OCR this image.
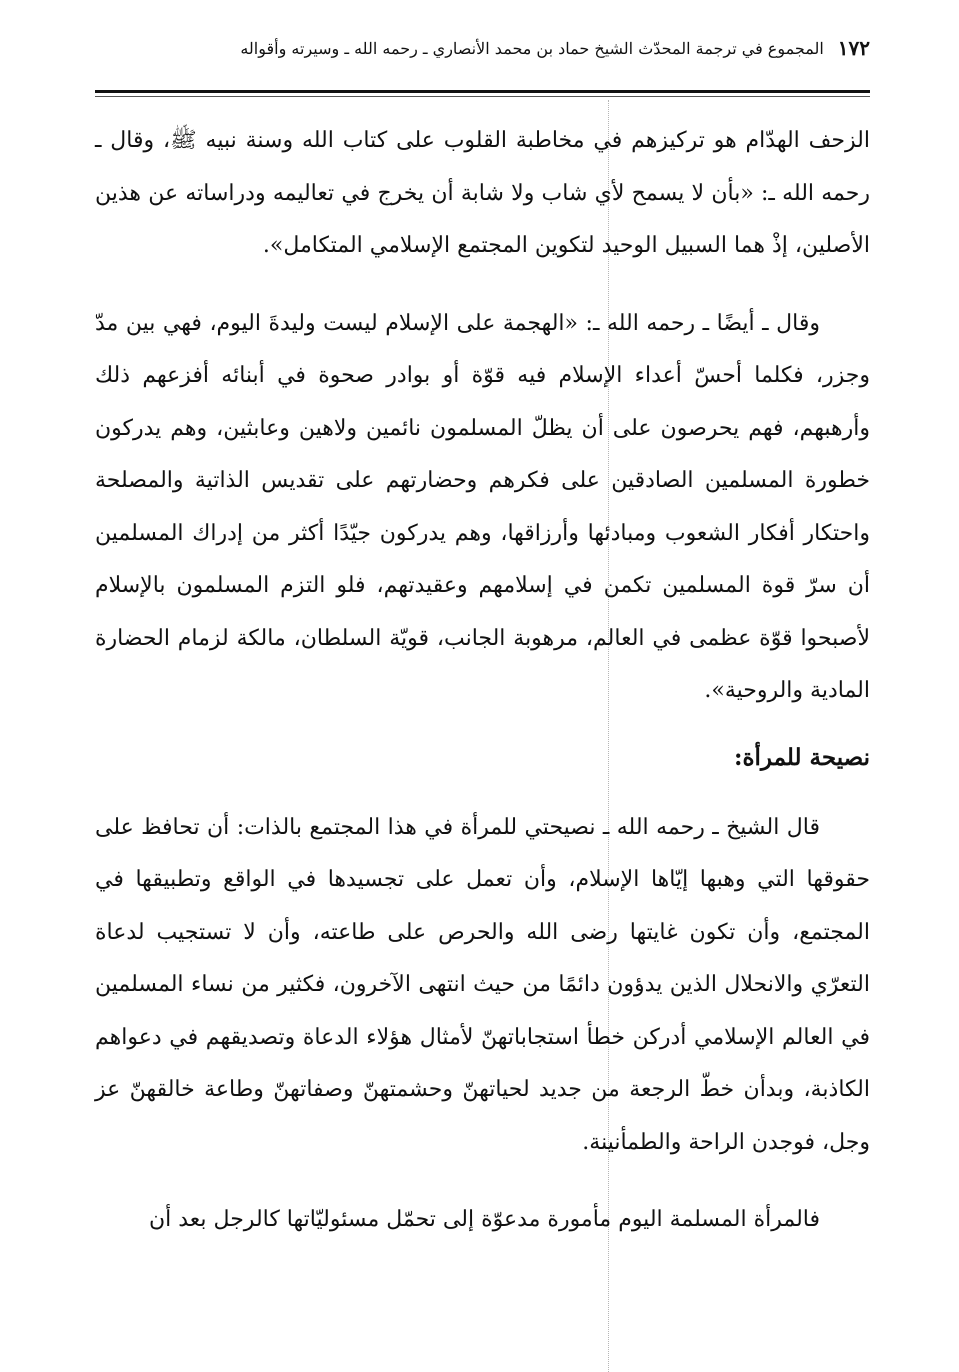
١٧٢
المجموع في ترجمة المحدّث الشيخ حماد بن محمد الأنصاري ـ رحمه الله ـ وسيرته وأقواله

الزحف الهدّام هو تركيزهم في مخاطبة القلوب على كتاب الله وسنة نبيه ﷺ، وقال ـ رحمه الله ـ: «بأن لا يسمح لأي شاب ولا شابة أن يخرج في تعاليمه ودراساته عن هذين الأصلين، إذْ هما السبيل الوحيد لتكوين المجتمع الإسلامي المتكامل».

وقال ـ أيضًا ـ رحمه الله ـ: «الهجمة على الإسلام ليست وليدةَ اليوم، فهي بين مدّ وجزر، فكلما أحسّ أعداء الإسلام فيه قوّة أو بوادر صحوة في أبنائه أفزعهم ذلك وأرهبهم، فهم يحرصون على أن يظلّ المسلمون نائمين ولاهين وعابثين، وهم يدركون خطورة المسلمين الصادقين على فكرهم وحضارتهم على تقديس الذاتية والمصلحة واحتكار أفكار الشعوب ومبادئها وأرزاقها، وهم يدركون جيّدًا أكثر من إدراك المسلمين أن سرّ قوة المسلمين تكمن في إسلامهم وعقيدتهم، فلو التزم المسلمون بالإسلام لأصبحوا قوّة عظمى في العالم، مرهوبة الجانب، قويّة السلطان، مالكة لزمام الحضارة المادية والروحية».

نصيحة للمرأة:

قال الشيخ ـ رحمه الله ـ نصيحتي للمرأة في هذا المجتمع بالذات: أن تحافظ على حقوقها التي وهبها إيّاها الإسلام، وأن تعمل على تجسيدها في الواقع وتطبيقها في المجتمع، وأن تكون غايتها رضى الله والحرص على طاعته، وأن لا تستجيب لدعاة التعرّي والانحلال الذين يدؤون دائمًا من حيث انتهى الآخرون، فكثير من نساء المسلمين في العالم الإسلامي أدركن خطأ استجاباتهنّ لأمثال هؤلاء الدعاة وتصديقهم في دعواهم الكاذبة، وبدأن خطّ الرجعة من جديد لحياتهنّ وحشمتهنّ وصفاتهنّ وطاعة خالقهنّ عز وجل، فوجدن الراحة والطمأنينة.

فالمرأة المسلمة اليوم مأمورة مدعوّة إلى تحمّل مسئوليّاتها كالرجل بعد أن
